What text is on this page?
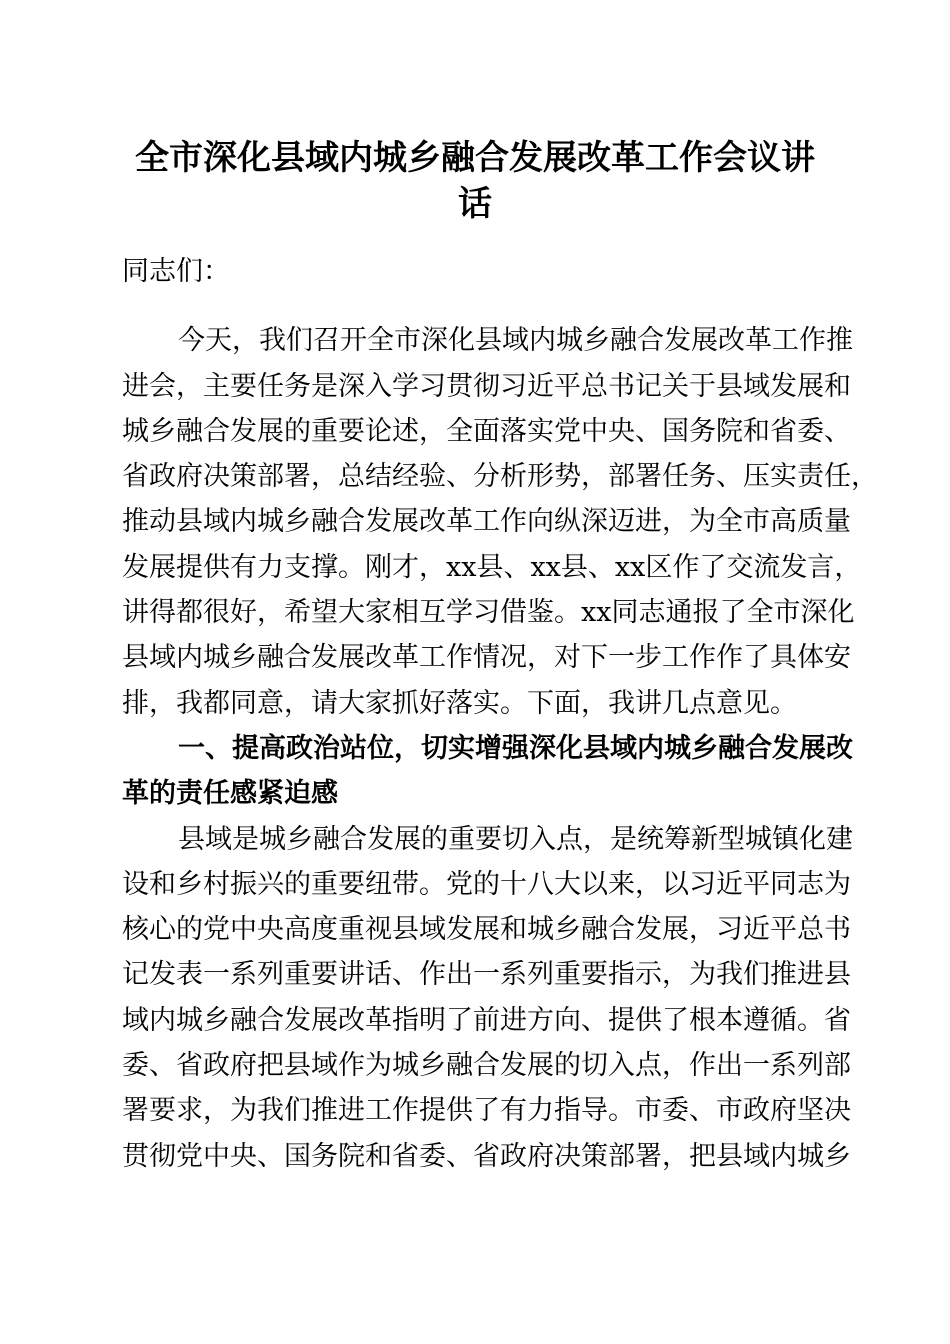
全市深化县域内城乡融合发展改革工作会议讲
话
同志们：
今天，我们召开全市深化县域内城乡融合发展改革工作推
进会，主要任务是深入学习贯彻习近平总书记关于县域发展和
城乡融合发展的重要论述，全面落实党中央、国务院和省委、
省政府决策部署，总结经验、分析形势，部署任务、压实责任，
推动县域内城乡融合发展改革工作向纵深迈进，为全市高质量
发展提供有力支撑。刚才，xx县、xx县、xx区作了交流发言，
讲得都很好，希望大家相互学习借鉴。xx同志通报了全市深化
县域内城乡融合发展改革工作情况，对下一步工作作了具体安
排，我都同意，请大家抓好落实。下面，我讲几点意见。
一、提高政治站位，切实增强深化县域内城乡融合发展改
革的责任感紧迫感
县域是城乡融合发展的重要切入点，是统筹新型城镇化建
设和乡村振兴的重要纽带。党的十八大以来，以习近平同志为
核心的党中央高度重视县域发展和城乡融合发展，习近平总书
记发表一系列重要讲话、作出一系列重要指示，为我们推进县
域内城乡融合发展改革指明了前进方向、提供了根本遵循。省
委、省政府把县域作为城乡融合发展的切入点，作出一系列部
署要求，为我们推进工作提供了有力指导。市委、市政府坚决
贯彻党中央、国务院和省委、省政府决策部署，把县域内城乡
